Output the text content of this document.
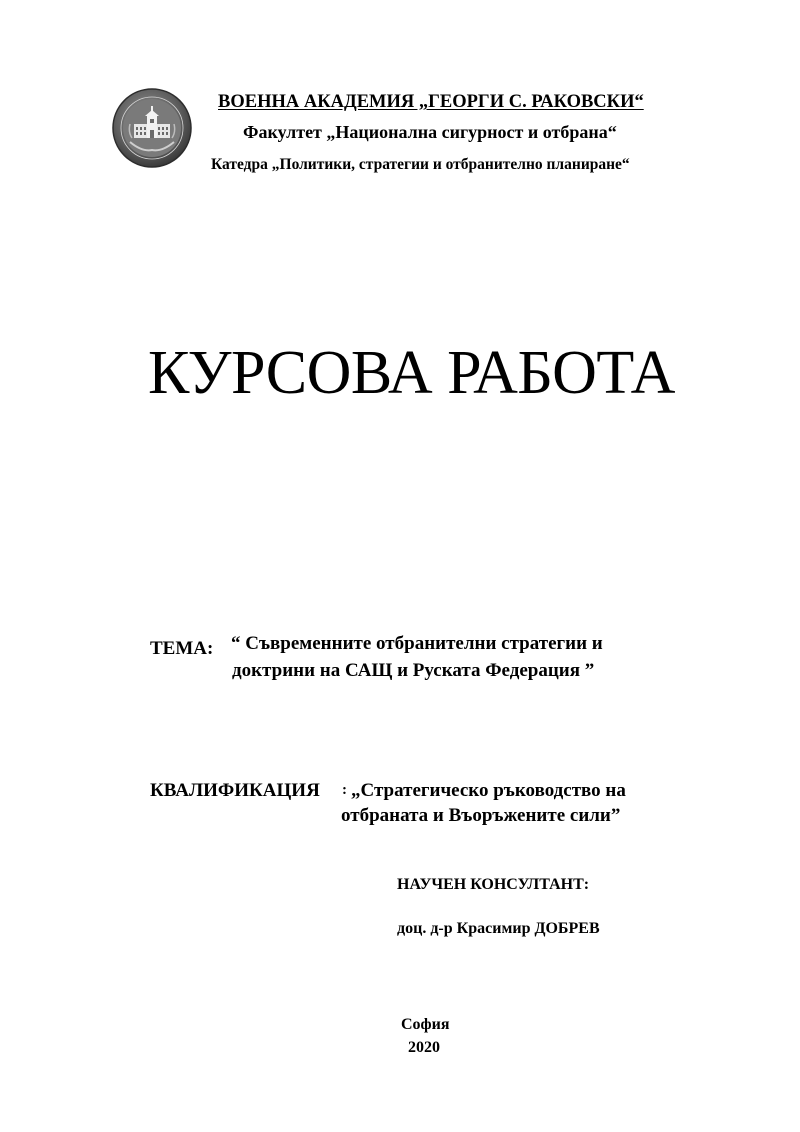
ВОЕННА АКАДЕМИЯ „ГЕОРГИ С. РАКОВСКИ“
Факултет „Национална сигурност и отбрана“
Катедра „Политики, стратегии и отбранително планиране“
КУРСОВА РАБОТА
ТЕМА: “ Съвременните отбранителни стратегии и
доктрини на САЩ и Руската Федерация ”
КВАЛИФИКАЦИЯ : „Стратегическо ръководство на
отбраната и Въоръжените сили”
НАУЧЕН КОНСУЛТАНТ:
доц. д-р Красимир ДОБРЕВ
София
2020
